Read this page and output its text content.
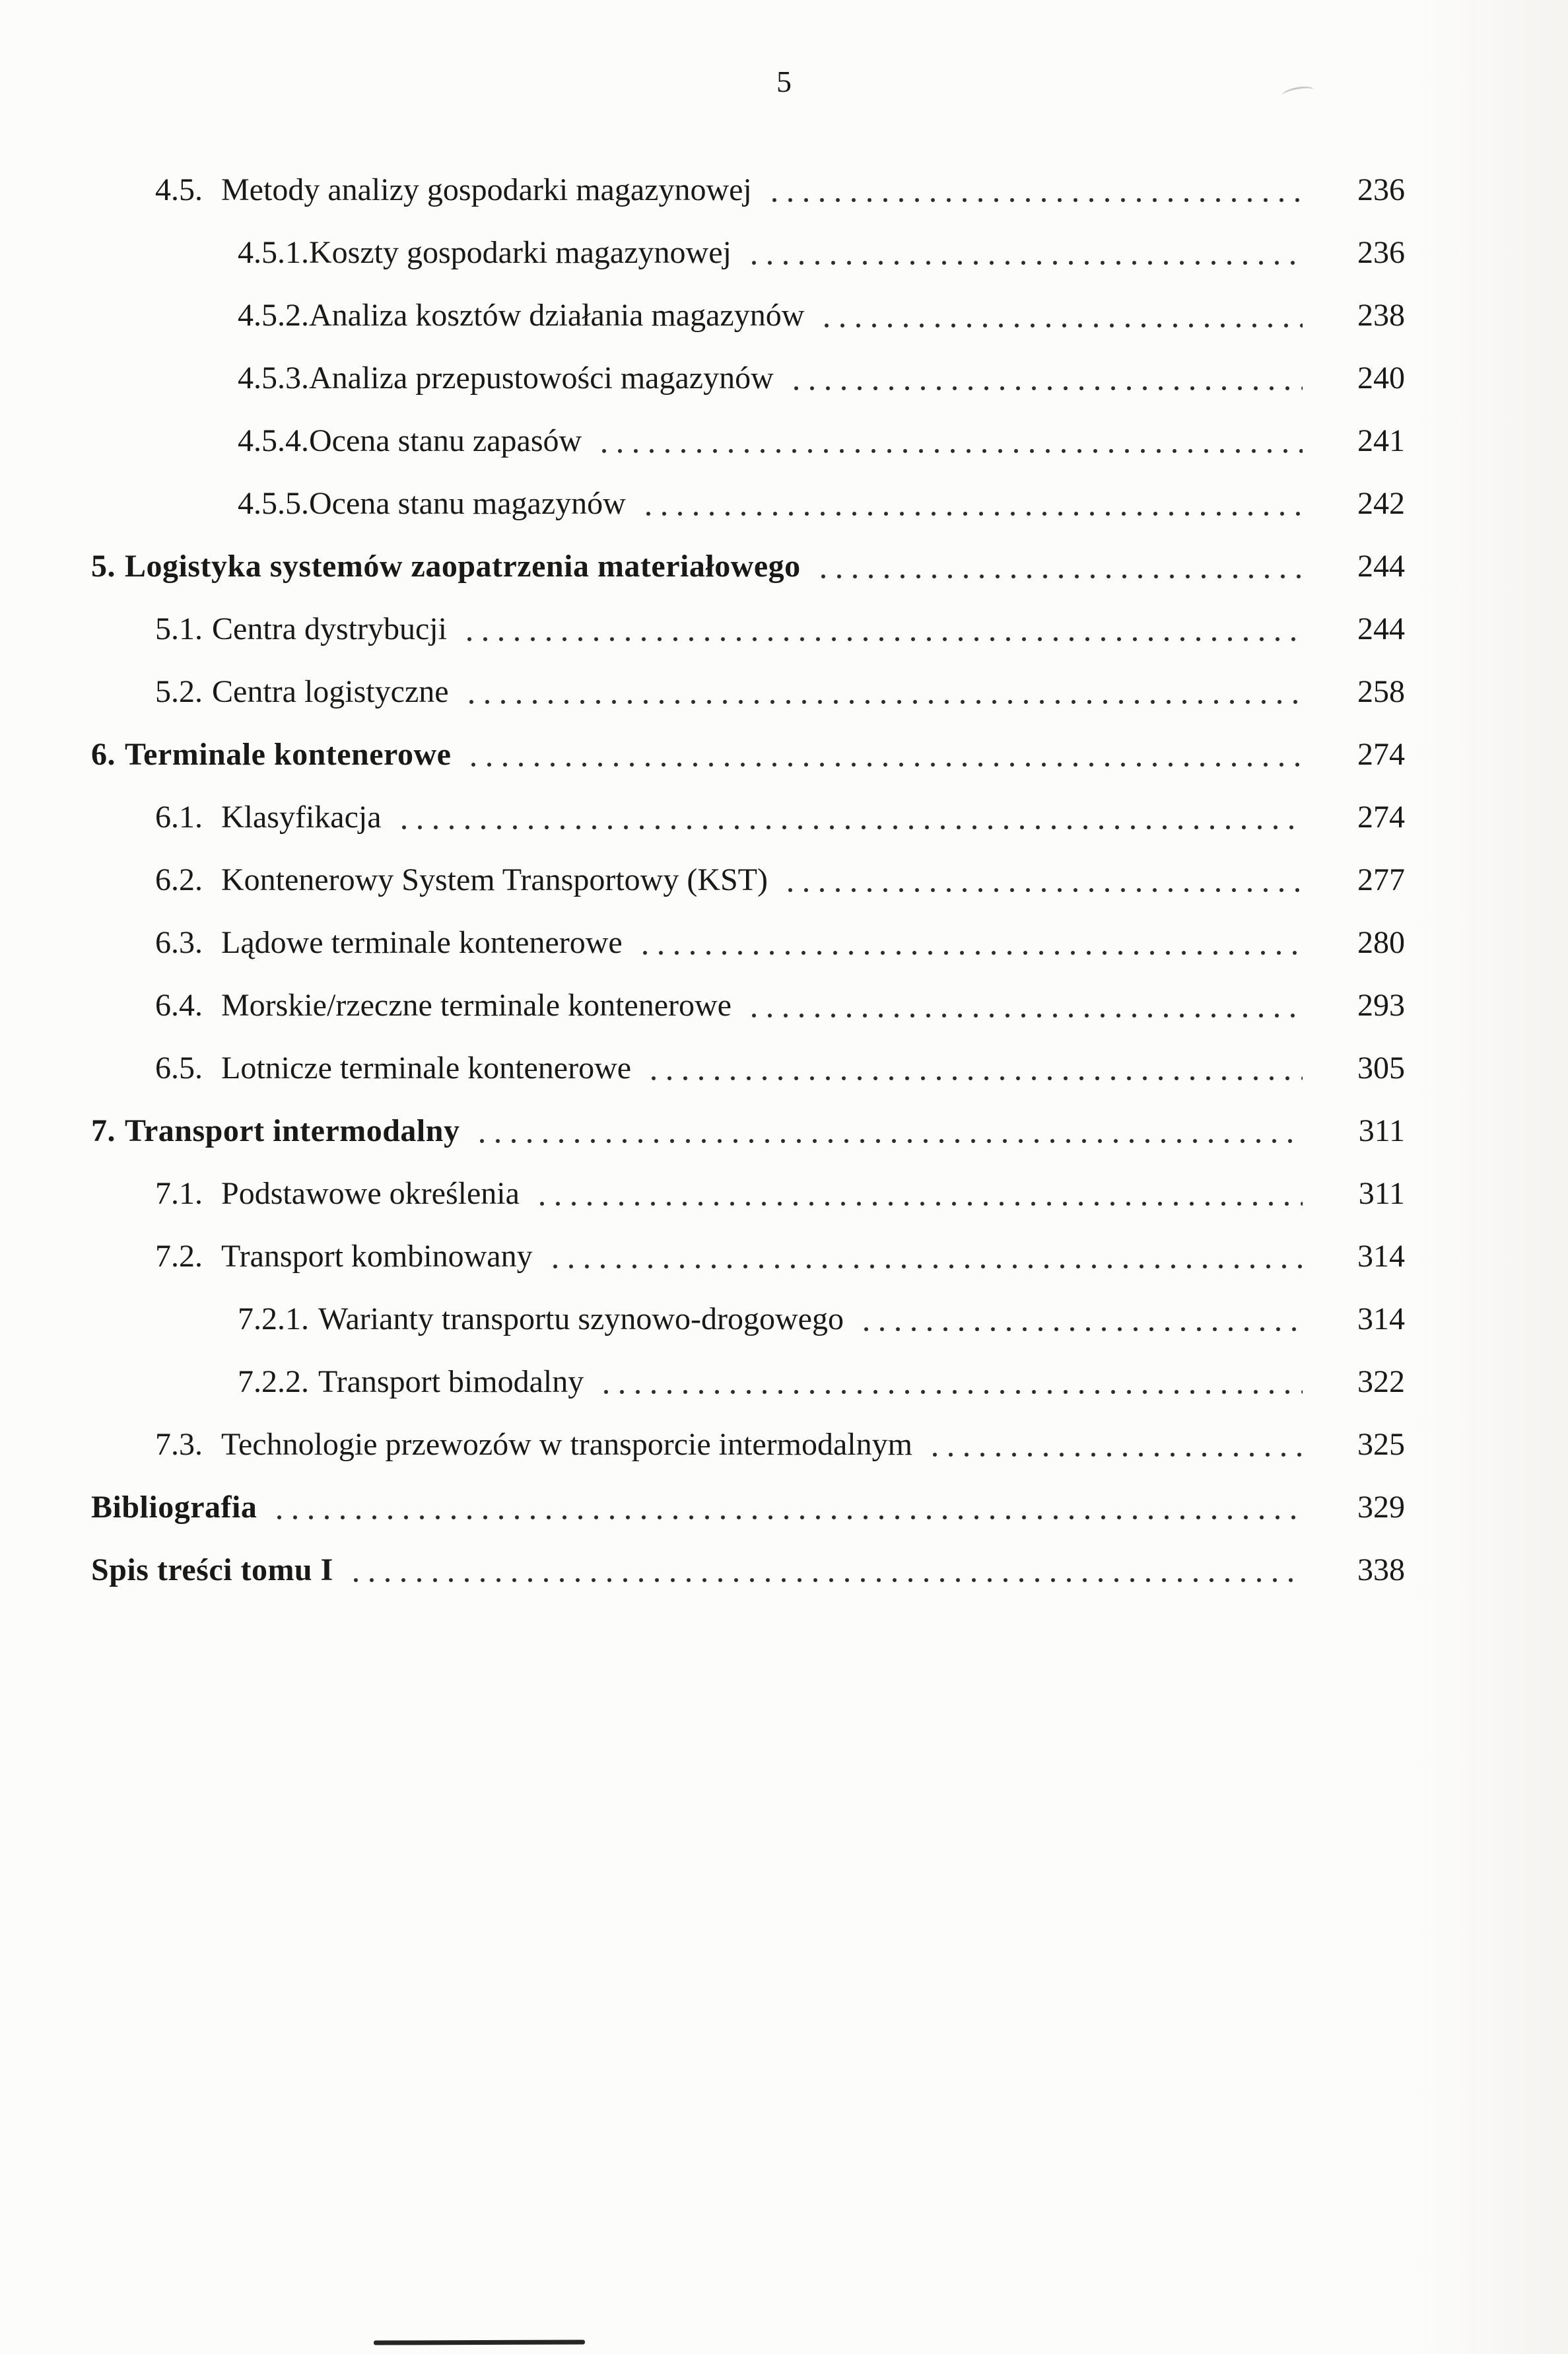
5
4.5. Metody analizy gospodarki magazynowej	236
4.5.1. Koszty gospodarki magazynowej	236
4.5.2. Analiza kosztów działania magazynów	238
4.5.3. Analiza przepustowości magazynów	240
4.5.4. Ocena stanu zapasów	241
4.5.5. Ocena stanu magazynów	242
5. Logistyka systemów zaopatrzenia materiałowego	244
5.1. Centra dystrybucji	244
5.2. Centra logistyczne	258
6. Terminale kontenerowe	274
6.1. Klasyfikacja	274
6.2. Kontenerowy System Transportowy (KST)	277
6.3. Lądowe terminale kontenerowe	280
6.4. Morskie/rzeczne terminale kontenerowe	293
6.5. Lotnicze terminale kontenerowe	305
7. Transport intermodalny	311
7.1. Podstawowe określenia	311
7.2. Transport kombinowany	314
7.2.1. Warianty transportu szynowo-drogowego	314
7.2.2. Transport bimodalny	322
7.3. Technologie przewozów w transporcie intermodalnym	325
Bibliografia	329
Spis treści tomu I	338
